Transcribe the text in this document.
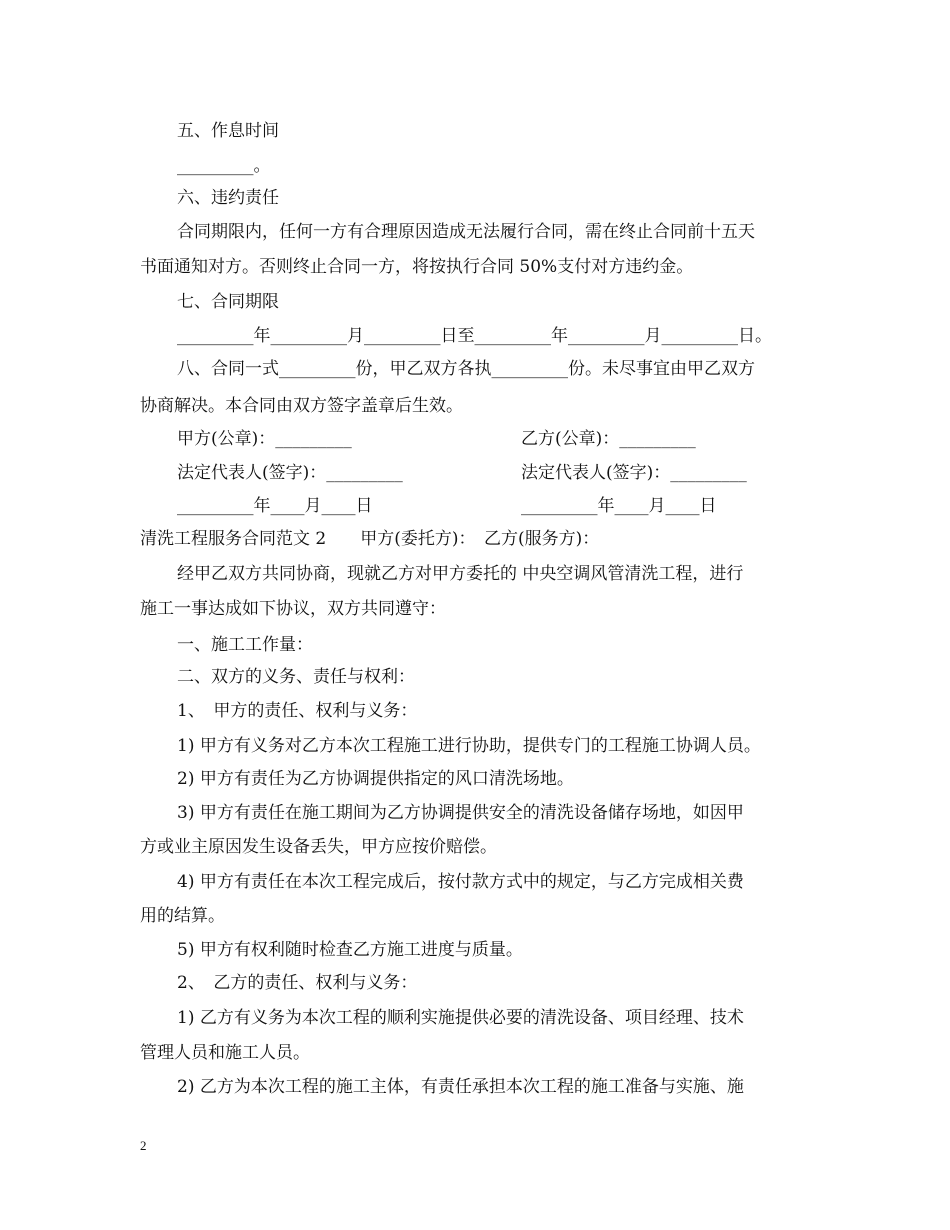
五、作息时间
_________。
六、违约责任
合同期限内，任何一方有合理原因造成无法履行合同，需在终止合同前十五天
书面通知对方。否则终止合同一方，将按执行合同 50%支付对方违约金。
七、合同期限
_________年_________月_________日至_________年_________月_________日。
八、合同一式_________份，甲乙双方各执_________份。未尽事宜由甲乙双方
协商解决。本合同由双方签字盖章后生效。
甲方(公章)：_________	乙方(公章)：_________
法定代表人(签字)：_________	法定代表人(签字)：_________
_________年____月____日	_________年____月____日
清洗工程服务合同范文 2　　甲方(委托方)：　乙方(服务方)：
经甲乙双方共同协商，现就乙方对甲方委托的 中央空调风管清洗工程，进行
施工一事达成如下协议，双方共同遵守：
一、施工工作量：
二、双方的义务、责任与权利：
1、　甲方的责任、权利与义务：
1) 甲方有义务对乙方本次工程施工进行协助，提供专门的工程施工协调人员。
2) 甲方有责任为乙方协调提供指定的风口清洗场地。
3) 甲方有责任在施工期间为乙方协调提供安全的清洗设备储存场地，如因甲
方或业主原因发生设备丢失，甲方应按价赔偿。
4) 甲方有责任在本次工程完成后，按付款方式中的规定，与乙方完成相关费
用的结算。
5) 甲方有权利随时检查乙方施工进度与质量。
2、　乙方的责任、权利与义务：
1) 乙方有义务为本次工程的顺利实施提供必要的清洗设备、项目经理、技术
管理人员和施工人员。
2) 乙方为本次工程的施工主体，有责任承担本次工程的施工准备与实施、施
2
